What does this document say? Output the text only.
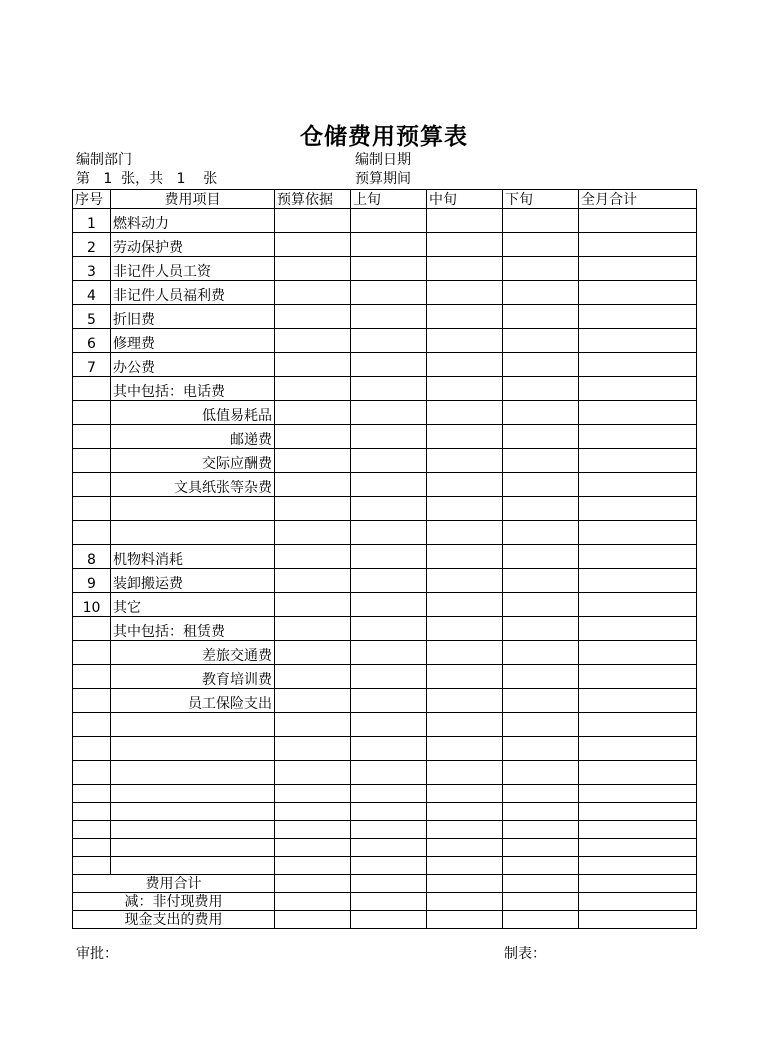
仓储费用预算表
编制部门	编制日期
第   1  张，共   1    张	预算期间
序号	费用项目	预算依据	上旬	中旬	下旬	全月合计
1	燃料动力					
2	劳动保护费					
3	非记件人员工资					
4	非记件人员福利费					
5	折旧费					
6	修理费					
7	办公费					
	其中包括：电话费					
	低值易耗品					
	邮递费					
	交际应酬费					
	文具纸张等杂费					

8	机物料消耗					
9	装卸搬运费					
10	其它					
	其中包括：租赁费					
	差旅交通费					
	教育培训费					
	员工保险支出					

费用合计						
减：非付现费用						
现金支出的费用						
审批：	制表：
